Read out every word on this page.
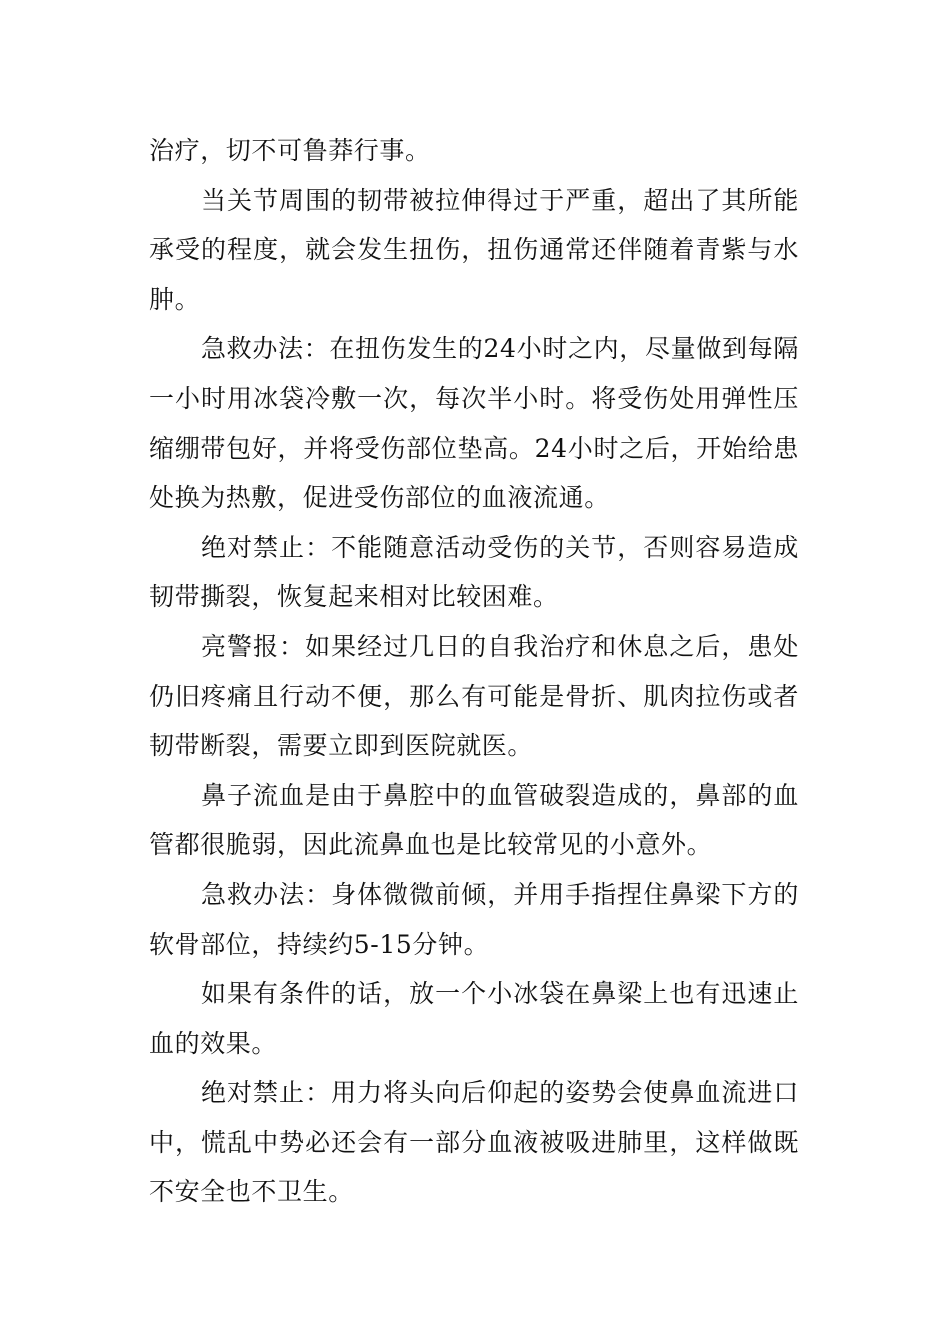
治疗，切不可鲁莽行事。

当关节周围的韧带被拉伸得过于严重，超出了其所能承受的程度，就会发生扭伤，扭伤通常还伴随着青紫与水肿。

急救办法：在扭伤发生的24小时之内，尽量做到每隔一小时用冰袋冷敷一次，每次半小时。将受伤处用弹性压缩绷带包好，并将受伤部位垫高。24小时之后，开始给患处换为热敷，促进受伤部位的血液流通。

绝对禁止：不能随意活动受伤的关节，否则容易造成韧带撕裂，恢复起来相对比较困难。

亮警报：如果经过几日的自我治疗和休息之后，患处仍旧疼痛且行动不便，那么有可能是骨折、肌肉拉伤或者韧带断裂，需要立即到医院就医。

鼻子流血是由于鼻腔中的血管破裂造成的，鼻部的血管都很脆弱，因此流鼻血也是比较常见的小意外。

急救办法：身体微微前倾，并用手指捏住鼻梁下方的软骨部位，持续约5-15分钟。

如果有条件的话，放一个小冰袋在鼻梁上也有迅速止血的效果。

绝对禁止：用力将头向后仰起的姿势会使鼻血流进口中，慌乱中势必还会有一部分血液被吸进肺里，这样做既不安全也不卫生。
